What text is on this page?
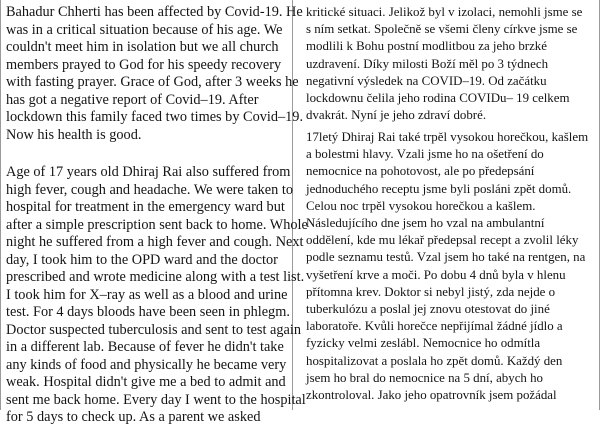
Bahadur Chherti has been affected by Covid-19. He
was in a critical situation because of his age. We
couldn't meet him in isolation but we all church
members prayed to God for his speedy recovery
with fasting prayer. Grace of God, after 3 weeks he
has got a negative report of Covid–19. After
lockdown this family faced two times by Covid–19.
Now his health is good.

Age of 17 years old Dhiraj Rai also suffered from
high fever, cough and headache. We were taken to
hospital for treatment in the emergency ward but
after a simple prescription sent back to home. Whole
night he suffered from a high fever and cough. Next
day, I took him to the OPD ward and the doctor
prescribed and wrote medicine along with a test list.
I took him for X–ray as well as a blood and urine
test. For 4 days bloods have been seen in phlegm.
Doctor suspected tuberculosis and sent to test again
in a different lab. Because of fever he didn't take
any kinds of food and physically he became very
weak. Hospital didn't give me a bed to admit and
sent me back home. Every day I went to the hospital
for 5 days to check up. As a parent we asked

kritické situaci. Jelikož byl v izolaci, nemohli jsme se
s ním setkat. Společně se všemi členy církve jsme se
modlili k Bohu postní modlitbou za jeho brzké
uzdravení. Díky milosti Boží měl po 3 týdnech
negativní výsledek na COVID–19. Od začátku
lockdownu čelila jeho rodina COVIDu– 19 celkem
dvakrát. Nyní je jeho zdraví dobré.

17letý Dhiraj Rai také trpěl vysokou horečkou, kašlem
a bolestmi hlavy. Vzali jsme ho na ošetření do
nemocnice na pohotovost, ale po předepsání
jednoduchého receptu jsme byli posláni zpět domů.
Celou noc trpěl vysokou horečkou a kašlem.
Následujícího dne jsem ho vzal na ambulantní
oddělení, kde mu lékař předepsal recept a zvolil léky
podle seznamu testů. Vzal jsem ho také na rentgen, na
vyšetření krve a moči. Po dobu 4 dnů byla v hlenu
přítomna krev. Doktor si nebyl jistý, zda nejde o
tuberkulózu a poslal jej znovu otestovat do jiné
laboratoře. Kvůli horečce nepřijímal žádné jídlo a
fyzicky velmi zeslábl. Nemocnice ho odmítla
hospitalizovat a poslala ho zpět domů. Každý den
jsem ho bral do nemocnice na 5 dní, abych ho
zkontroloval. Jako jeho opatrovník jsem požádal
